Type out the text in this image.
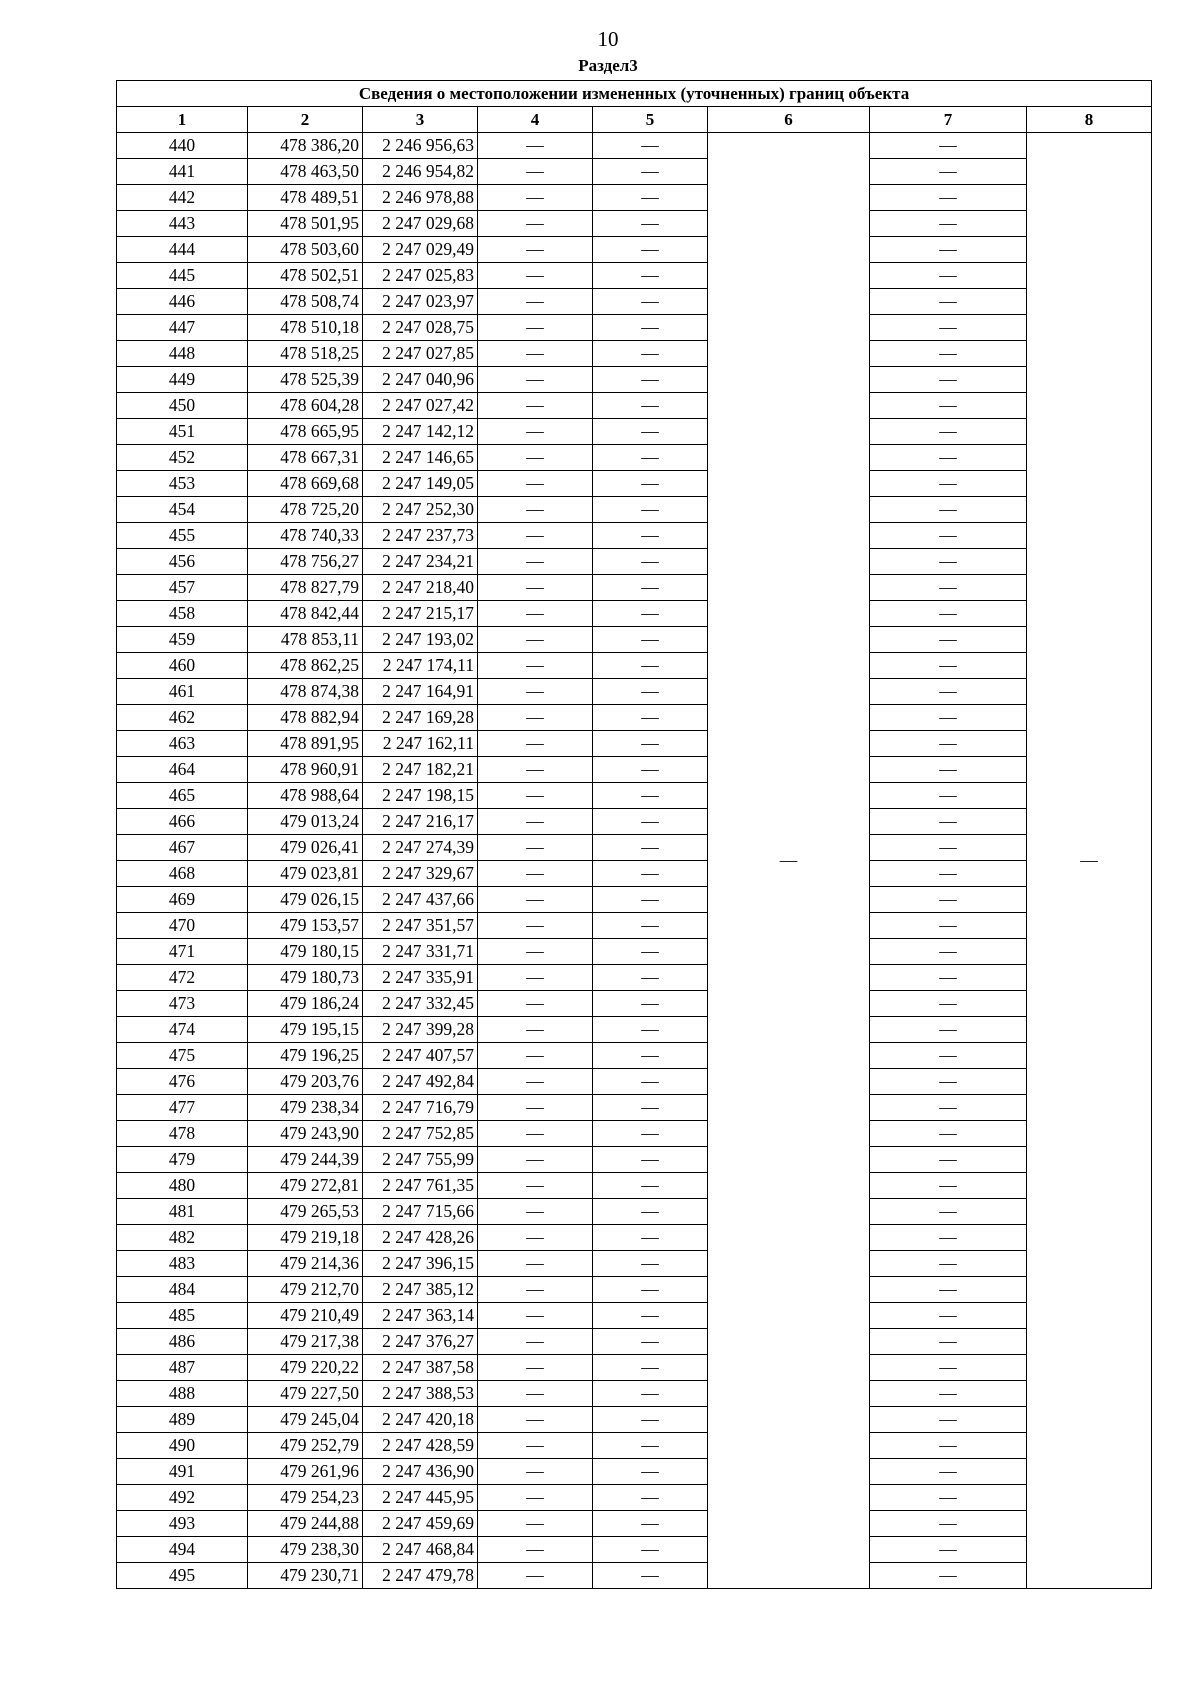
10
Раздел3
Сведения о местоположении измененных (уточненных) границ объекта							
1	2	3	4	5	6	7	8
440	478 386,20	2 246 956,63	—	—	—	—	—
441	478 463,50	2 246 954,82	—	—		—	
442	478 489,51	2 246 978,88	—	—		—	
443	478 501,95	2 247 029,68	—	—		—	
444	478 503,60	2 247 029,49	—	—		—	
445	478 502,51	2 247 025,83	—	—		—	
446	478 508,74	2 247 023,97	—	—		—	
447	478 510,18	2 247 028,75	—	—		—	
448	478 518,25	2 247 027,85	—	—		—	
449	478 525,39	2 247 040,96	—	—		—	
450	478 604,28	2 247 027,42	—	—		—	
451	478 665,95	2 247 142,12	—	—		—	
452	478 667,31	2 247 146,65	—	—		—	
453	478 669,68	2 247 149,05	—	—		—	
454	478 725,20	2 247 252,30	—	—		—	
455	478 740,33	2 247 237,73	—	—		—	
456	478 756,27	2 247 234,21	—	—		—	
457	478 827,79	2 247 218,40	—	—		—	
458	478 842,44	2 247 215,17	—	—		—	
459	478 853,11	2 247 193,02	—	—		—	
460	478 862,25	2 247 174,11	—	—		—	
461	478 874,38	2 247 164,91	—	—		—	
462	478 882,94	2 247 169,28	—	—		—	
463	478 891,95	2 247 162,11	—	—		—	
464	478 960,91	2 247 182,21	—	—		—	
465	478 988,64	2 247 198,15	—	—		—	
466	479 013,24	2 247 216,17	—	—		—	
467	479 026,41	2 247 274,39	—	—		—	
468	479 023,81	2 247 329,67	—	—		—	
469	479 026,15	2 247 437,66	—	—		—	
470	479 153,57	2 247 351,57	—	—		—	
471	479 180,15	2 247 331,71	—	—		—	
472	479 180,73	2 247 335,91	—	—		—	
473	479 186,24	2 247 332,45	—	—		—	
474	479 195,15	2 247 399,28	—	—		—	
475	479 196,25	2 247 407,57	—	—		—	
476	479 203,76	2 247 492,84	—	—		—	
477	479 238,34	2 247 716,79	—	—		—	
478	479 243,90	2 247 752,85	—	—		—	
479	479 244,39	2 247 755,99	—	—		—	
480	479 272,81	2 247 761,35	—	—		—	
481	479 265,53	2 247 715,66	—	—		—	
482	479 219,18	2 247 428,26	—	—		—	
483	479 214,36	2 247 396,15	—	—		—	
484	479 212,70	2 247 385,12	—	—		—	
485	479 210,49	2 247 363,14	—	—		—	
486	479 217,38	2 247 376,27	—	—		—	
487	479 220,22	2 247 387,58	—	—		—	
488	479 227,50	2 247 388,53	—	—		—	
489	479 245,04	2 247 420,18	—	—		—	
490	479 252,79	2 247 428,59	—	—		—	
491	479 261,96	2 247 436,90	—	—		—	
492	479 254,23	2 247 445,95	—	—		—	
493	479 244,88	2 247 459,69	—	—		—	
494	479 238,30	2 247 468,84	—	—		—	
495	479 230,71	2 247 479,78	—	—		—	
